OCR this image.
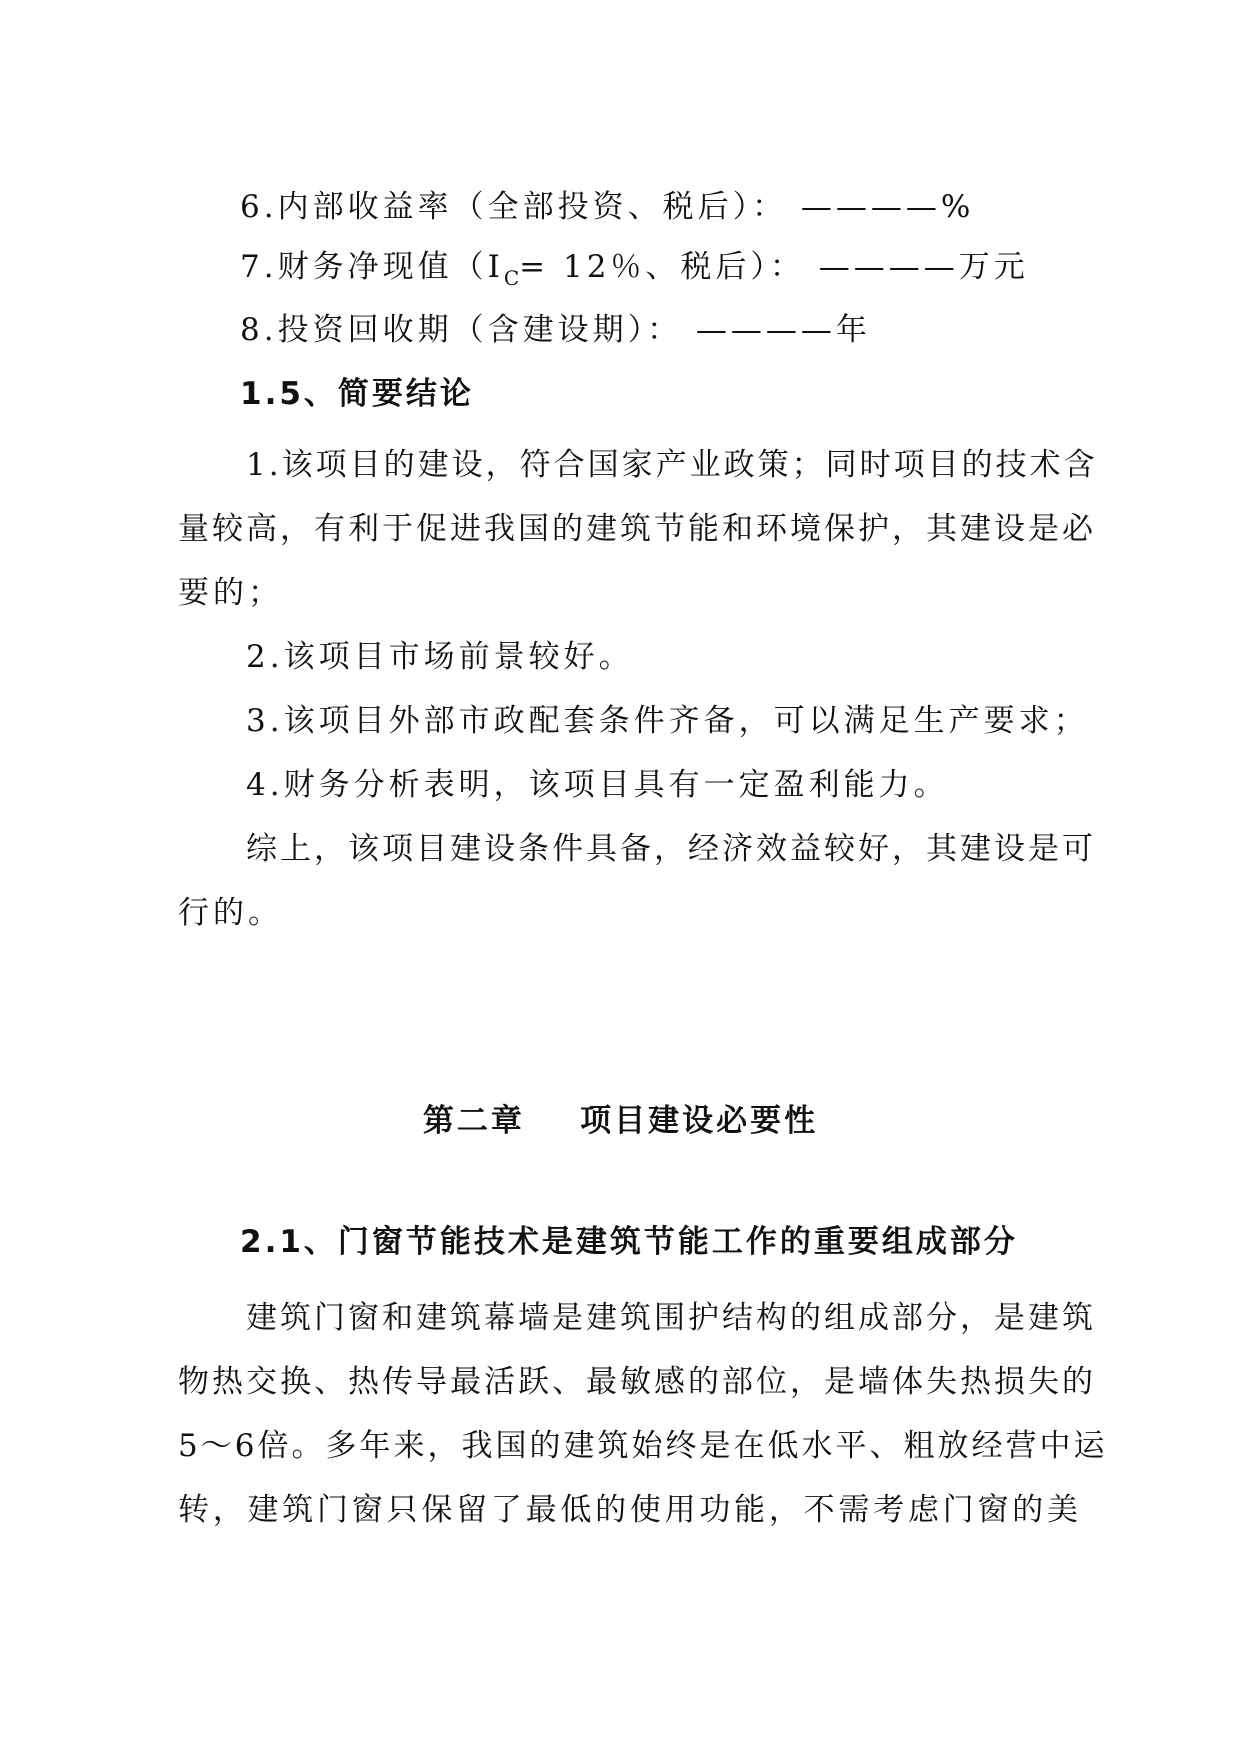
6.内部收益率（全部投资、税后）： ————%
7.财务净现值（$I_C= 12$％、税后）： ————万元
8.投资回收期（含建设期）： ————年
1.5、简要结论
1.该项目的建设，符合国家产业政策；同时项目的技术含
量较高，有利于促进我国的建筑节能和环境保护，其建设是必
要的；
2.该项目市场前景较好。
3.该项目外部市政配套条件齐备，可以满足生产要求；
4.财务分析表明，该项目具有一定盈利能力。
综上，该项目建设条件具备，经济效益较好，其建设是可
行的。
第二章    项目建设必要性
2.1、门窗节能技术是建筑节能工作的重要组成部分
建筑门窗和建筑幕墙是建筑围护结构的组成部分，是建筑
物热交换、热传导最活跃、最敏感的部位，是墙体失热损失的
5～6倍。多年来，我国的建筑始终是在低水平、粗放经营中运
转，建筑门窗只保留了最低的使用功能，不需考虑门窗的美
